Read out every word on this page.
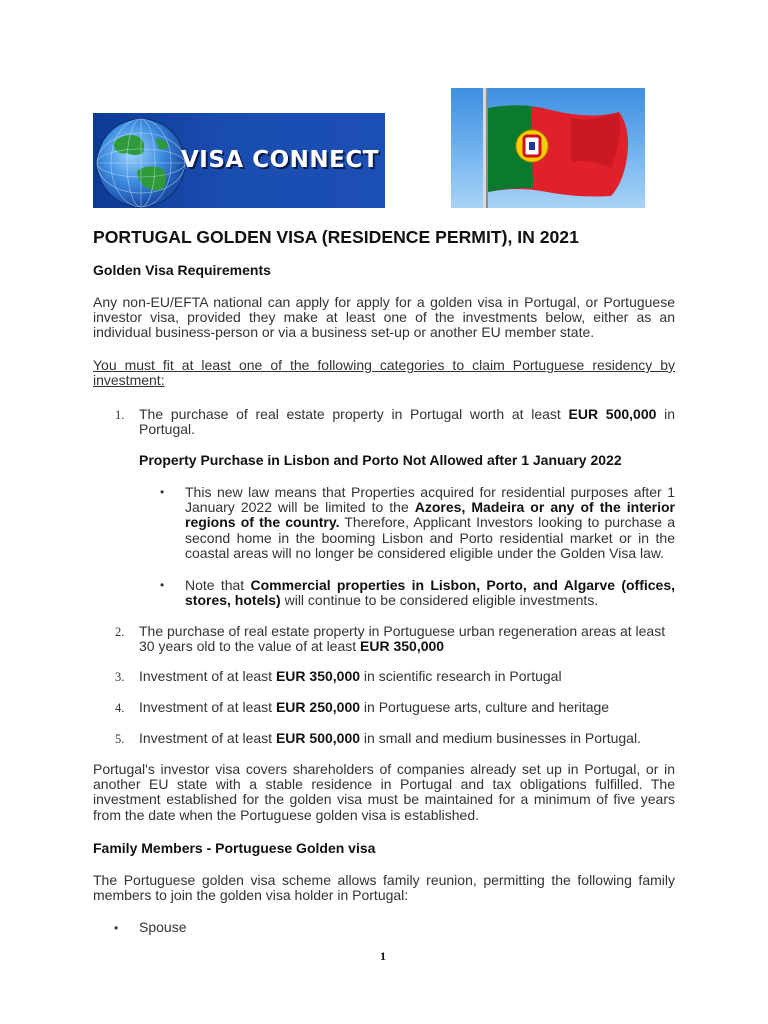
VISA CONNECT
PORTUGAL GOLDEN VISA (RESIDENCE PERMIT), IN 2021
Golden Visa Requirements
Any non-EU/EFTA national can apply for apply for a golden visa in Portugal, or Portuguese investor visa, provided they make at least one of the investments below, either as an individual business-person or via a business set-up or another EU member state.
You must fit at least one of the following categories to claim Portuguese residency by investment:
1. The purchase of real estate property in Portugal worth at least EUR 500,000 in Portugal.
Property Purchase in Lisbon and Porto Not Allowed after 1 January 2022
• This new law means that Properties acquired for residential purposes after 1 January 2022 will be limited to the Azores, Madeira or any of the interior regions of the country. Therefore, Applicant Investors looking to purchase a second home in the booming Lisbon and Porto residential market or in the coastal areas will no longer be considered eligible under the Golden Visa law.
• Note that Commercial properties in Lisbon, Porto, and Algarve (offices, stores, hotels) will continue to be considered eligible investments.
2. The purchase of real estate property in Portuguese urban regeneration areas at least 30 years old to the value of at least EUR 350,000
3. Investment of at least EUR 350,000 in scientific research in Portugal
4. Investment of at least EUR 250,000 in Portuguese arts, culture and heritage
5. Investment of at least EUR 500,000 in small and medium businesses in Portugal.
Portugal's investor visa covers shareholders of companies already set up in Portugal, or in another EU state with a stable residence in Portugal and tax obligations fulfilled. The investment established for the golden visa must be maintained for a minimum of five years from the date when the Portuguese golden visa is established.
Family Members - Portuguese Golden visa
The Portuguese golden visa scheme allows family reunion, permitting the following family members to join the golden visa holder in Portugal:
• Spouse
1
